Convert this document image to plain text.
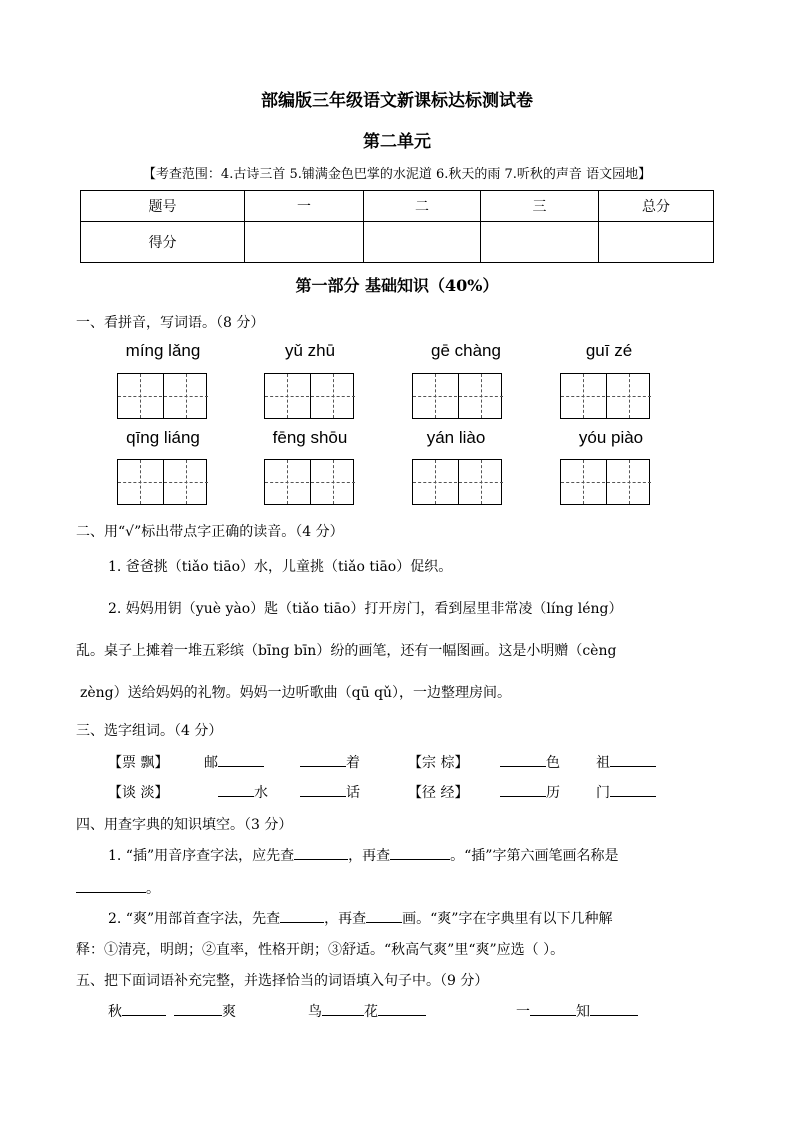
部编版三年级语文新课标达标测试卷
第二单元
【考查范围：4.古诗三首 5.铺满金色巴掌的水泥道 6.秋天的雨 7.听秋的声音 语文园地】
题号	一	二	三	总分
得分				
第一部分 基础知识（40%）
一、看拼音，写词语。（8 分）
míng lǎng	yǔ zhū	gē chàng	guī zé
qīng liáng	fēng shōu	yán liào	yóu piào
二、用“√”标出带点字正确的读音。（4 分）
1. 爸爸挑（tiǎo tiāo）水，儿童挑（tiǎo tiāo）促织。
2. 妈妈用钥（yuè yào）匙（tiǎo tiāo）打开房门，看到屋里非常凌（líng léng）
乱。桌子上摊着一堆五彩缤（bīng bīn）纷的画笔，还有一幅图画。这是小明赠（cèng
zèng）送给妈妈的礼物。妈妈一边听歌曲（qū qǔ），一边整理房间。
三、选字组词。（4 分）
【票 飘】	邮	着	【宗 棕】	色	祖
【谈 淡】	水	话	【径 经】	历	门
四、用查字典的知识填空。（3 分）
1. “插”用音序查字法，应先查	，再查	。“插”字第六画笔画名称是
。
2. “爽”用部首查字法，先查	，再查	画。“爽”字在字典里有以下几种解
释：①清亮，明朗；②直率，性格开朗；③舒适。“秋高气爽”里“爽”应选（ ）。
五、把下面词语补充完整，并选择恰当的词语填入句子中。（9 分）
秋	爽	鸟	花	一	知
